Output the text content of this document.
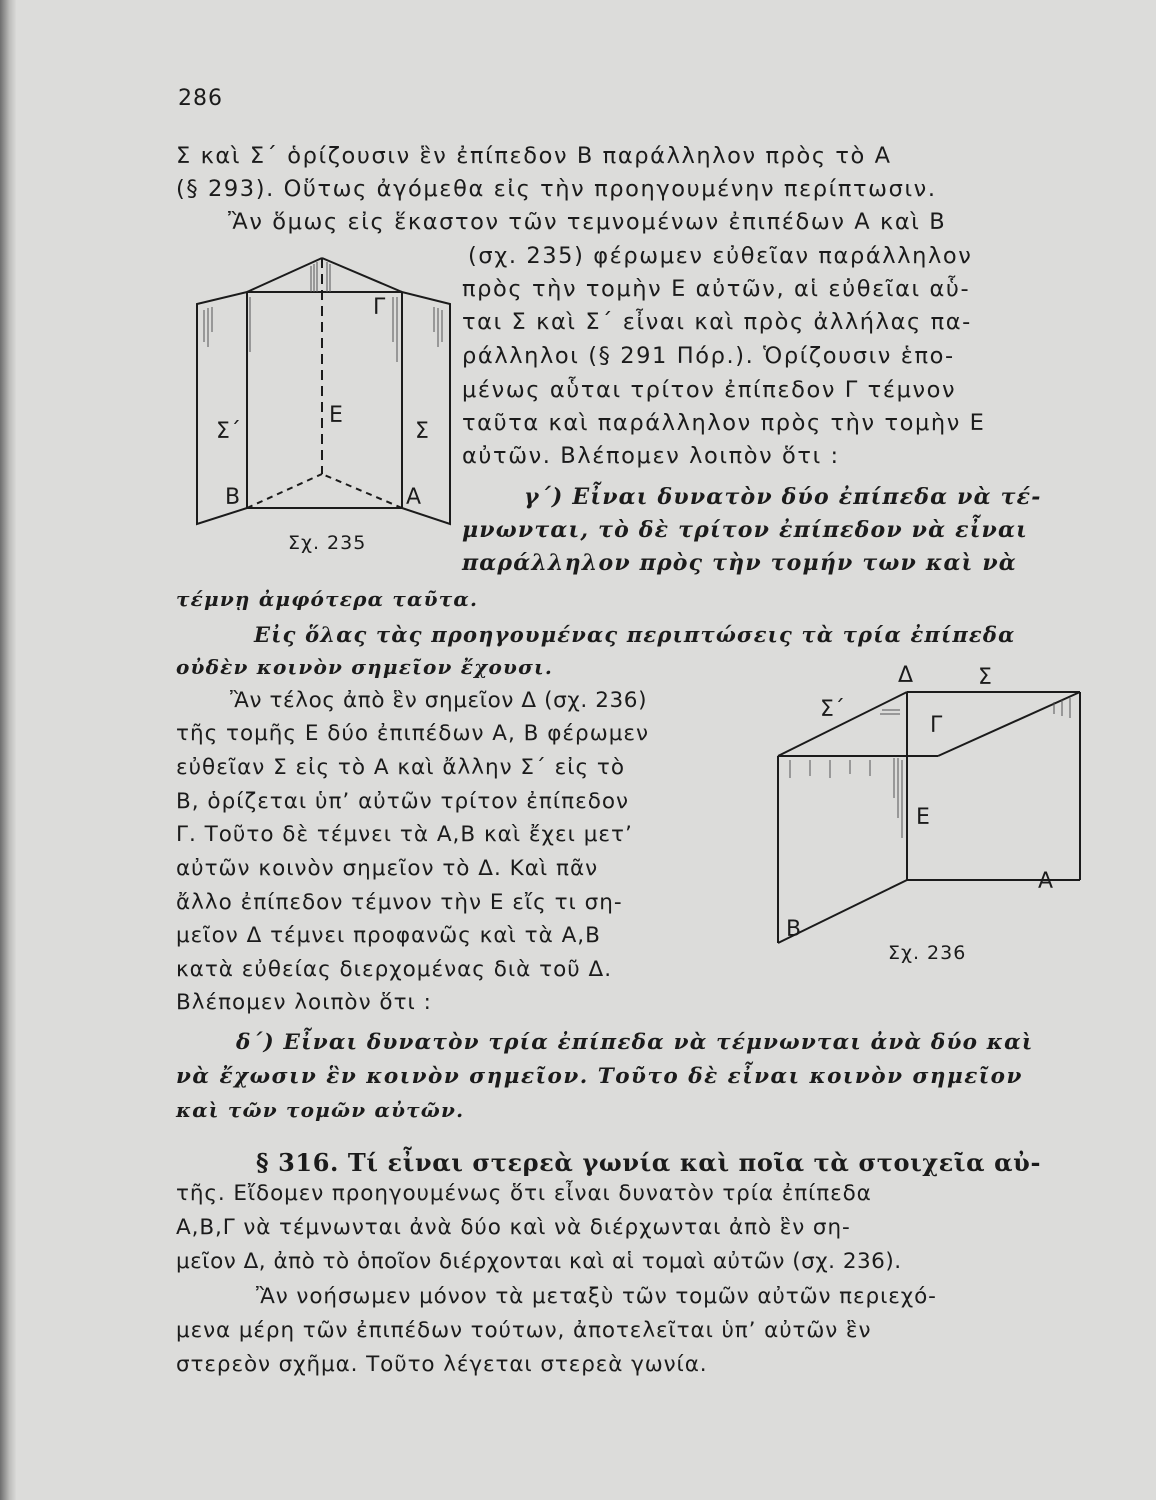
286
Σ καὶ Σ΄ ὁρίζουσιν ἓν ἐπίπεδον Β παράλληλον πρὸς τὸ Α
(§ 293). Οὕτως ἀγόμεθα εἰς τὴν προηγουμένην περίπτωσιν.
Ἂν ὅμως εἰς ἕκαστον τῶν τεμνομένων ἐπιπέδων Α καὶ Β
(σχ. 235) φέρωμεν εὐθεῖαν παράλληλον
πρὸς τὴν τομὴν Ε αὐτῶν, αἱ εὐθεῖαι αὗ-
ται Σ καὶ Σ΄ εἶναι καὶ πρὸς ἀλλήλας πα-
ράλληλοι (§ 291 Πόρ.). Ὁρίζουσιν ἑπο-
μένως αὗται τρίτον ἐπίπεδον Γ τέμνον
ταῦτα καὶ παράλληλον πρὸς τὴν τομὴν Ε
αὐτῶν. Βλέπομεν λοιπὸν ὅτι :
γ΄) Εἶναι δυνατὸν δύο ἐπίπεδα νὰ τέ-
μνωνται, τὸ δὲ τρίτον ἐπίπεδον νὰ εἶναι
παράλληλον πρὸς τὴν τομήν των καὶ νὰ
τέμνῃ ἀμφότερα ταῦτα.
Εἰς ὅλας τὰς προηγουμένας περιπτώσεις τὰ τρία ἐπίπεδα
οὐδὲν κοινὸν σημεῖον ἔχουσι.
Ἂν τέλος ἀπὸ ἓν σημεῖον Δ (σχ. 236)
τῆς τομῆς Ε δύο ἐπιπέδων Α, Β φέρωμεν
εὐθεῖαν Σ εἰς τὸ Α καὶ ἄλλην Σ΄ εἰς τὸ
Β, ὁρίζεται ὑπ’ αὐτῶν τρίτον ἐπίπεδον
Γ. Τοῦτο δὲ τέμνει τὰ Α,Β καὶ ἔχει μετ’
αὐτῶν κοινὸν σημεῖον τὸ Δ. Καὶ πᾶν
ἄλλο ἐπίπεδον τέμνον τὴν Ε εἴς τι ση-
μεῖον Δ τέμνει προφανῶς καὶ τὰ Α,Β
κατὰ εὐθείας διερχομένας διὰ τοῦ Δ.
Βλέπομεν λοιπὸν ὅτι :
δ΄) Εἶναι δυνατὸν τρία ἐπίπεδα νὰ τέμνωνται ἀνὰ δύο καὶ
νὰ ἔχωσιν ἓν κοινὸν σημεῖον. Τοῦτο δὲ εἶναι κοινὸν σημεῖον
καὶ τῶν τομῶν αὐτῶν.
§ 316. Τί εἶναι στερεὰ γωνία καὶ ποῖα τὰ στοιχεῖα αὐ-
τῆς. Εἴδομεν προηγουμένως ὅτι εἶναι δυνατὸν τρία ἐπίπεδα
Α,Β,Γ νὰ τέμνωνται ἀνὰ δύο καὶ νὰ διέρχωνται ἀπὸ ἓν ση-
μεῖον Δ, ἀπὸ τὸ ὁποῖον διέρχονται καὶ αἱ τομαὶ αὐτῶν (σχ. 236).
Ἂν νοήσωμεν μόνον τὰ μεταξὺ τῶν τομῶν αὐτῶν περιεχό-
μενα μέρη τῶν ἐπιπέδων τούτων, ἀποτελεῖται ὑπ’ αὐτῶν ἓν
στερεὸν σχῆμα. Τοῦτο λέγεται στερεὰ γωνία.
Γ
Σ΄
Ε
Σ
Β	Α
Σχ. 235
Δ	Σ
Σ΄
Γ
Ε
Α
Β
Σχ. 236
